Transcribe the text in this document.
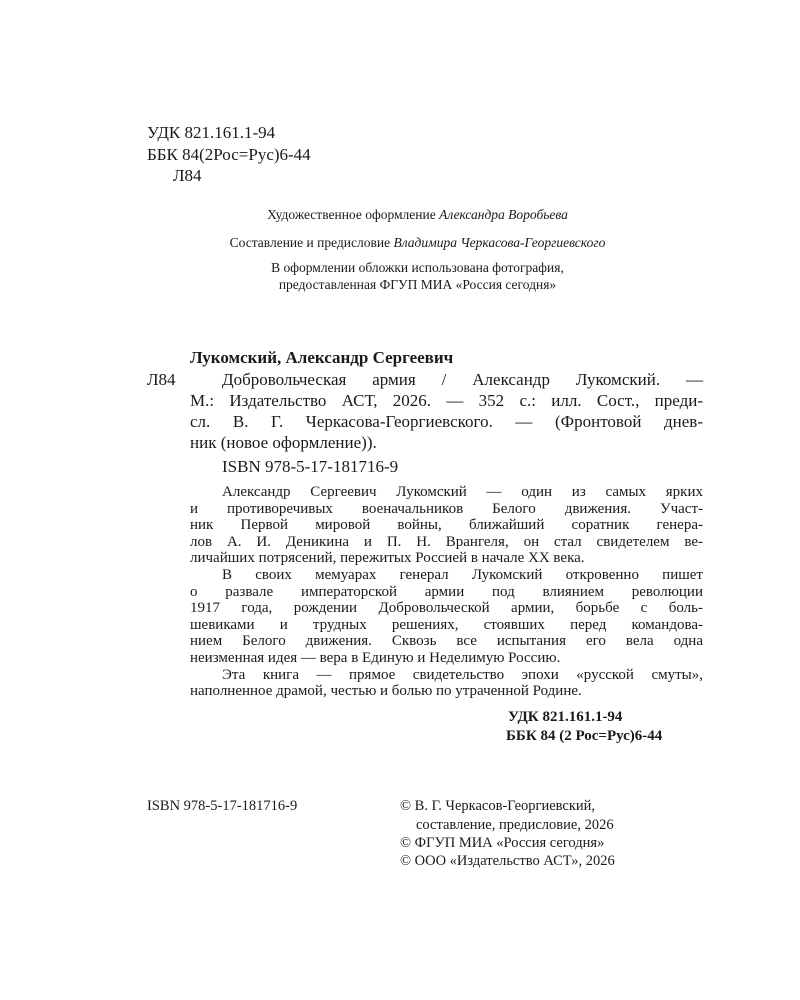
УДК 821.161.1-94
ББК 84(2Рос=Рус)6-44
Л84
Художественное оформление Александра Воробьева
Составление и предисловие Владимира Черкасова-Георгиевского
В оформлении обложки использована фотография,
предоставленная ФГУП МИА «Россия сегодня»
Лукомский, Александр Сергеевич
Л84	Добровольческая армия / Александр Лукомский. —
М.: Издательство АСТ, 2026. — 352 с.: илл. Сост., преди-
сл. В. Г. Черкасова-Георгиевского. — (Фронтовой днев-
ник (новое оформление)).
ISBN 978-5-17-181716-9
Александр Сергеевич Лукомский — один из самых ярких
и противоречивых военачальников Белого движения. Участ-
ник Первой мировой войны, ближайший соратник генера-
лов А. И. Деникина и П. Н. Врангеля, он стал свидетелем ве-
личайших потрясений, пережитых Россией в начале XX века.
В своих мемуарах генерал Лукомский откровенно пишет
о развале императорской армии под влиянием революции
1917 года, рождении Добровольческой армии, борьбе с боль-
шевиками и трудных решениях, стоявших перед командова-
нием Белого движения. Сквозь все испытания его вела одна
неизменная идея — вера в Единую и Неделимую Россию.
Эта книга — прямое свидетельство эпохи «русской смуты»,
наполненное драмой, честью и болью по утраченной Родине.
УДК 821.161.1-94
ББК 84 (2 Рос=Рус)6-44
ISBN 978-5-17-181716-9	© В. Г. Черкасов-Георгиевский,
составление, предисловие, 2026
© ФГУП МИА «Россия сегодня»
© ООО «Издательство АСТ», 2026
